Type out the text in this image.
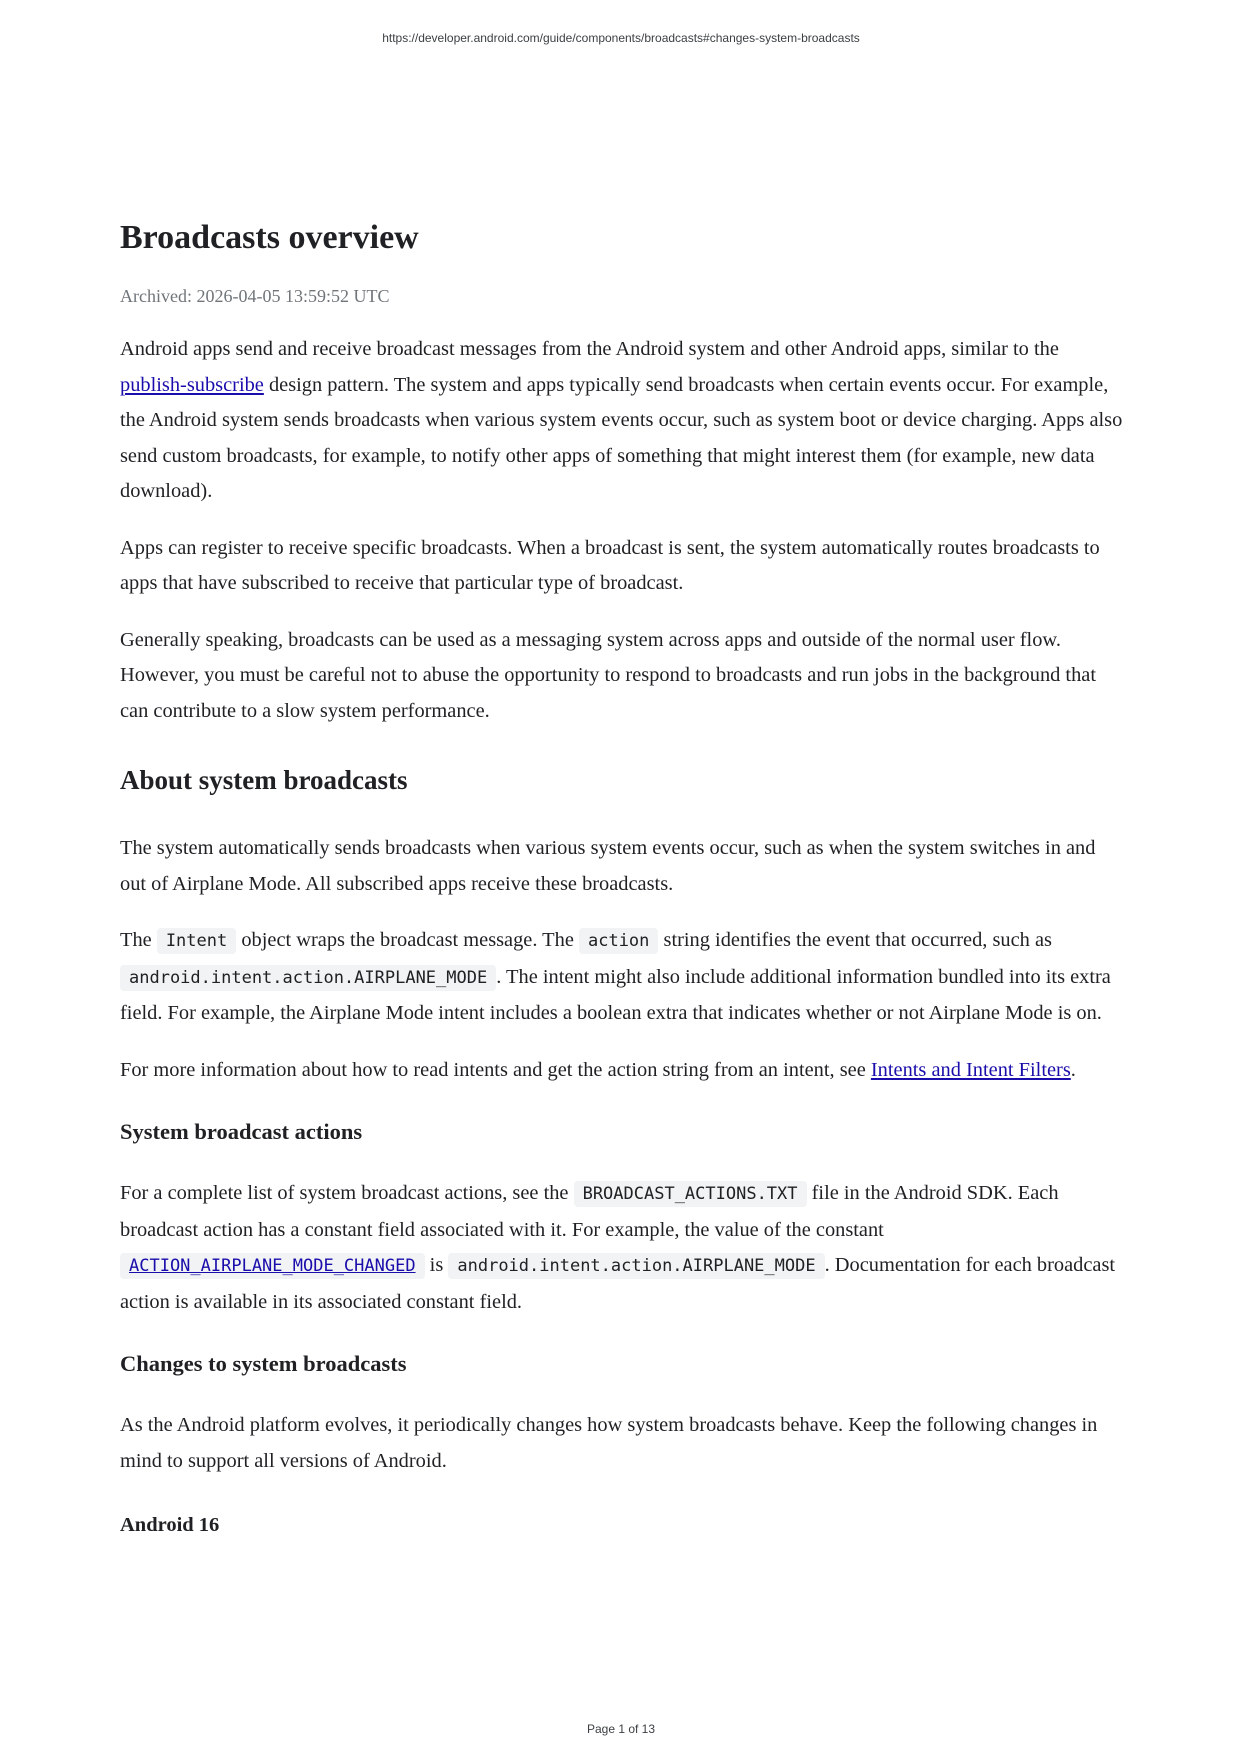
https://developer.android.com/guide/components/broadcasts#changes-system-broadcasts
Broadcasts overview
Archived: 2026-04-05 13:59:52 UTC

Android apps send and receive broadcast messages from the Android system and other Android apps, similar to the publish-subscribe design pattern. The system and apps typically send broadcasts when certain events occur. For example, the Android system sends broadcasts when various system events occur, such as system boot or device charging. Apps also send custom broadcasts, for example, to notify other apps of something that might interest them (for example, new data download).

Apps can register to receive specific broadcasts. When a broadcast is sent, the system automatically routes broadcasts to apps that have subscribed to receive that particular type of broadcast.

Generally speaking, broadcasts can be used as a messaging system across apps and outside of the normal user flow. However, you must be careful not to abuse the opportunity to respond to broadcasts and run jobs in the background that can contribute to a slow system performance.

About system broadcasts

The system automatically sends broadcasts when various system events occur, such as when the system switches in and out of Airplane Mode. All subscribed apps receive these broadcasts.

The Intent object wraps the broadcast message. The action string identifies the event that occurred, such as android.intent.action.AIRPLANE_MODE . The intent might also include additional information bundled into its extra field. For example, the Airplane Mode intent includes a boolean extra that indicates whether or not Airplane Mode is on.

For more information about how to read intents and get the action string from an intent, see Intents and Intent Filters.

System broadcast actions

For a complete list of system broadcast actions, see the BROADCAST_ACTIONS.TXT file in the Android SDK. Each broadcast action has a constant field associated with it. For example, the value of the constant ACTION_AIRPLANE_MODE_CHANGED is android.intent.action.AIRPLANE_MODE . Documentation for each broadcast action is available in its associated constant field.

Changes to system broadcasts

As the Android platform evolves, it periodically changes how system broadcasts behave. Keep the following changes in mind to support all versions of Android.

Android 16
Page 1 of 13
